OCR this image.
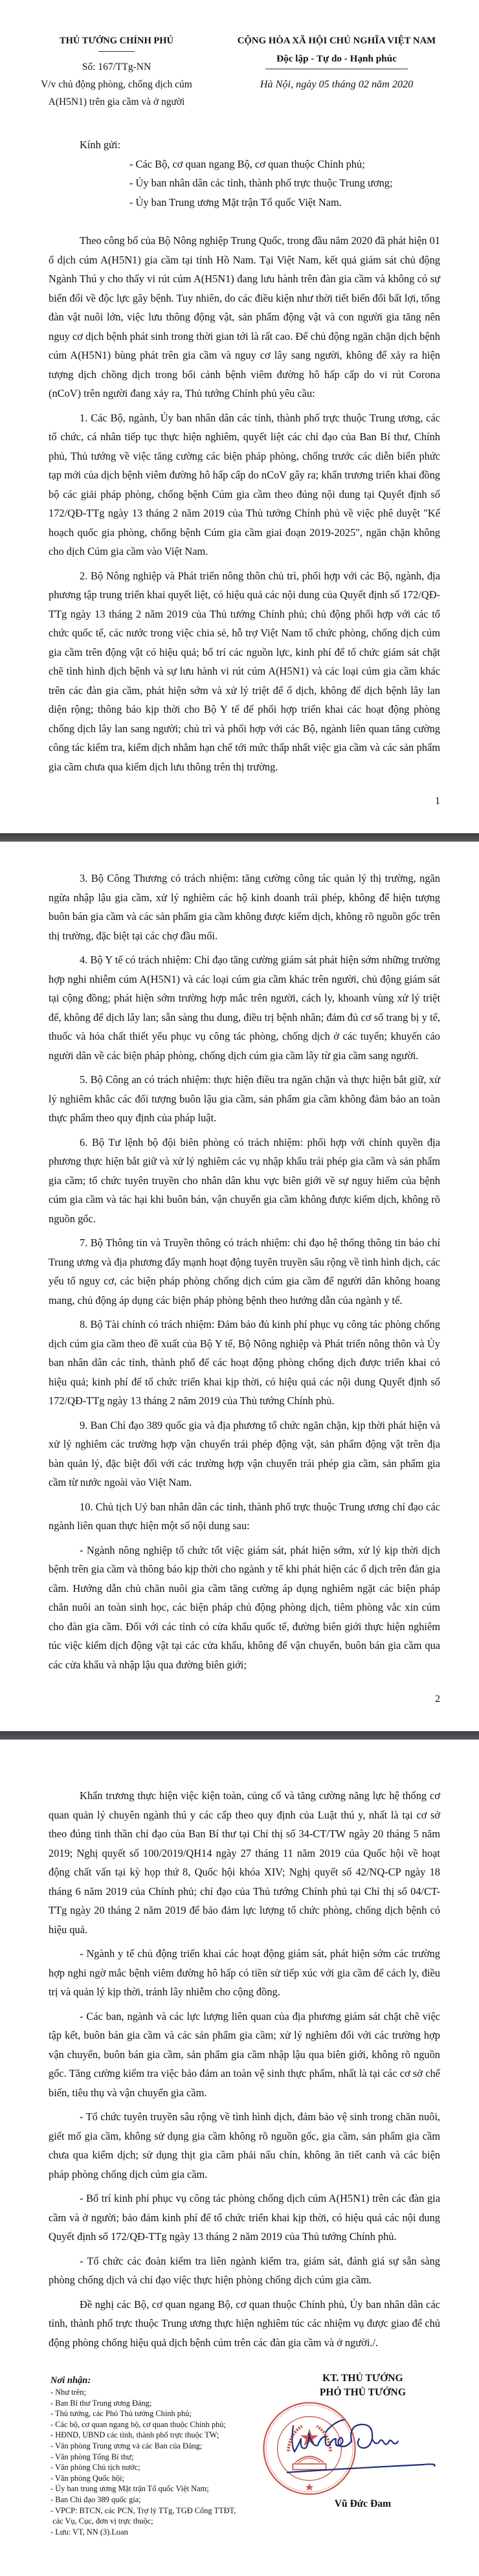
THỦ TƯỚNG CHÍNH PHỦ
Số: 167/TTg-NN
V/v chủ động phòng, chống dịch cúm
A(H5N1) trên gia cầm và ở người
CỘNG HÒA XÃ HỘI CHỦ NGHĨA VIỆT NAM
Độc lập - Tự do - Hạnh phúc
Hà Nội, ngày 05 tháng 02 năm 2020
Kính gửi:
- Các Bộ, cơ quan ngang Bộ, cơ quan thuộc Chính phủ;
- Ủy ban nhân dân các tỉnh, thành phố trực thuộc Trung ương;
- Ủy ban Trung ương Mặt trận Tổ quốc Việt Nam.

Theo công bố của Bộ Nông nghiệp Trung Quốc, trong đầu năm 2020 đã phát hiện 01 ổ dịch cúm A(H5N1) gia cầm tại tỉnh Hồ Nam. Tại Việt Nam, kết quả giám sát chủ động Ngành Thú y cho thấy vi rút cúm A(H5N1) đang lưu hành trên đàn gia cầm và không có sự biến đổi về độc lực gây bệnh. Tuy nhiên, do các điều kiện như thời tiết biến đổi bất lợi, tổng đàn vật nuôi lớn, việc lưu thông động vật, sản phẩm động vật và con người gia tăng nên nguy cơ dịch bệnh phát sinh trong thời gian tới là rất cao. Để chủ động ngăn chặn dịch bệnh cúm A(H5N1) bùng phát trên gia cầm và nguy cơ lây sang người, không để xảy ra hiện tượng dịch chồng dịch trong bối cảnh bệnh viêm đường hô hấp cấp do vi rút Corona (nCoV) trên người đang xảy ra, Thủ tướng Chính phủ yêu cầu:

1. Các Bộ, ngành, Ủy ban nhân dân các tỉnh, thành phố trực thuộc Trung ương, các tổ chức, cá nhân tiếp tục thực hiện nghiêm, quyết liệt các chỉ đạo của Ban Bí thư, Chính phủ, Thủ tướng về việc tăng cường các biện pháp phòng, chống trước các diễn biến phức tạp mới của dịch bệnh viêm đường hô hấp cấp do nCoV gây ra; khẩn trương triển khai đồng bộ các giải pháp phòng, chống bệnh Cúm gia cầm theo đúng nội dung tại Quyết định số 172/QĐ-TTg ngày 13 tháng 2 năm 2019 của Thủ tướng Chính phủ về việc phê duyệt "Kế hoạch quốc gia phòng, chống bệnh Cúm gia cầm giai đoạn 2019-2025", ngăn chặn không cho dịch Cúm gia cầm vào Việt Nam.

2. Bộ Nông nghiệp và Phát triển nông thôn chủ trì, phối hợp với các Bộ, ngành, địa phương tập trung triển khai quyết liệt, có hiệu quả các nội dung của Quyết định số 172/QĐ-TTg ngày 13 tháng 2 năm 2019 của Thủ tướng Chính phủ; chủ động phối hợp với các tổ chức quốc tế, các nước trong việc chia sẻ, hỗ trợ Việt Nam tổ chức phòng, chống dịch cúm gia cầm trên động vật có hiệu quả; bố trí các nguồn lực, kinh phí để tổ chức giám sát chặt chẽ tình hình dịch bệnh và sự lưu hành vi rút cúm A(H5N1) và các loại cúm gia cầm khác trên các đàn gia cầm, phát hiện sớm và xử lý triệt để ổ dịch, không để dịch bệnh lây lan diện rộng; thông báo kịp thời cho Bộ Y tế để phối hợp triển khai các hoạt động phòng chống dịch lây lan sang người; chủ trì và phối hợp với các Bộ, ngành liên quan tăng cường công tác kiểm tra, kiểm dịch nhằm hạn chế tới mức thấp nhất việc gia cầm và các sản phẩm gia cầm chưa qua kiểm dịch lưu thông trên thị trường.

1

3. Bộ Công Thương có trách nhiệm: tăng cường công tác quản lý thị trường, ngăn ngừa nhập lậu gia cầm, xử lý nghiêm các hộ kinh doanh trái phép, không để hiện tượng buôn bán gia cầm và các sản phẩm gia cầm không được kiểm dịch, không rõ nguồn gốc trên thị trường, đặc biệt tại các chợ đầu mối.

4. Bộ Y tế có trách nhiệm: Chỉ đạo tăng cường giám sát phát hiện sớm những trường hợp nghi nhiễm cúm A(H5N1) và các loại cúm gia cầm khác trên người, chủ động giám sát tại cộng đồng; phát hiện sớm trường hợp mắc trên người, cách ly, khoanh vùng xử lý triệt để, không để dịch lây lan; sẵn sàng thu dung, điều trị bệnh nhân; đảm đủ cơ số trang bị y tế, thuốc và hóa chất thiết yếu phục vụ công tác phòng, chống dịch ở các tuyến; khuyến cáo người dân về các biện pháp phòng, chống dịch cúm gia cầm lây từ gia cầm sang người.

5. Bộ Công an có trách nhiệm: thực hiện điều tra ngăn chặn và thực hiện bắt giữ, xử lý nghiêm khắc các đối tượng buôn lậu gia cầm, sản phẩm gia cầm không đảm bảo an toàn thực phẩm theo quy định của pháp luật.

6. Bộ Tư lệnh bộ đội biên phòng có trách nhiệm: phối hợp với chính quyền địa phương thực hiện bắt giữ và xử lý nghiêm các vụ nhập khẩu trái phép gia cầm và sản phẩm gia cầm; tổ chức tuyên truyền cho nhân dân khu vực biên giới về sự nguy hiểm của bệnh cúm gia cầm và tác hại khi buôn bán, vận chuyển gia cầm không được kiểm dịch, không rõ nguồn gốc.

7. Bộ Thông tin và Truyền thông có trách nhiệm: chỉ đạo hệ thống thông tin báo chí Trung ương và địa phương đẩy mạnh hoạt động tuyên truyền sâu rộng về tình hình dịch, các yếu tố nguy cơ, các biện pháp phòng chống dịch cúm gia cầm để người dân không hoang mang, chủ động áp dụng các biện pháp phòng bệnh theo hướng dẫn của ngành y tế.

8. Bộ Tài chính có trách nhiệm: Đảm bảo đủ kinh phí phục vụ công tác phòng chống dịch cúm gia cầm theo đề xuất của Bộ Y tế, Bộ Nông nghiệp và Phát triển nông thôn và Ủy ban nhân dân các tỉnh, thành phố để các hoạt động phòng chống dịch được triển khai có hiệu quả; kinh phí để tổ chức triển khai kịp thời, có hiệu quả các nội dung Quyết định số 172/QĐ-TTg ngày 13 tháng 2 năm 2019 của Thủ tướng Chính phủ.

9. Ban Chỉ đạo 389 quốc gia và địa phương tổ chức ngăn chặn, kịp thời phát hiện và xử lý nghiêm các trường hợp vận chuyển trái phép động vật, sản phẩm động vật trên địa bàn quản lý, đặc biệt đối với các trường hợp vận chuyển trái phép gia cầm, sản phẩm gia cầm từ nước ngoài vào Việt Nam.

10. Chủ tịch Uỷ ban nhân dân các tỉnh, thành phố trực thuộc Trung ương chỉ đạo các ngành liên quan thực hiện một số nội dung sau:

- Ngành nông nghiệp tổ chức tốt việc giám sát, phát hiện sớm, xử lý kịp thời dịch bệnh trên gia cầm và thông báo kịp thời cho ngành y tế khi phát hiện các ổ dịch trên đàn gia cầm. Hướng dẫn chủ chăn nuôi gia cầm tăng cường áp dụng nghiêm ngặt các biện pháp chăn nuôi an toàn sinh học, các biện pháp chủ động phòng dịch, tiêm phòng vắc xin cúm cho đàn gia cầm. Đối với các tỉnh có cửa khẩu quốc tế, đường biên giới thực hiện nghiêm túc việc kiểm dịch động vật tại các cửa khẩu, không để vận chuyển, buôn bán gia cầm qua các cửa khẩu và nhập lậu qua đường biên giới;

2

Khẩn trương thực hiện việc kiện toàn, củng cố và tăng cường năng lực hệ thống cơ quan quản lý chuyên ngành thú y các cấp theo quy định của Luật thú y, nhất là tại cơ sở theo đúng tinh thần chỉ đạo của Ban Bí thư tại Chỉ thị số 34-CT/TW ngày 20 tháng 5 năm 2019; Nghị quyết số 100/2019/QH14 ngày 27 tháng 11 năm 2019 của Quốc hội về hoạt động chất vấn tại kỳ họp thứ 8, Quốc hội khóa XIV; Nghị quyết số 42/NQ-CP ngày 18 tháng 6 năm 2019 của Chính phủ; chỉ đạo của Thủ tướng Chính phủ tại Chỉ thị số 04/CT-TTg ngày 20 tháng 2 năm 2019 để bảo đảm lực lượng tổ chức phòng, chống dịch bệnh có hiệu quả.

- Ngành y tế chủ động triển khai các hoạt động giám sát, phát hiện sớm các trường hợp nghi ngờ mắc bệnh viêm đường hô hấp có tiền sử tiếp xúc với gia cầm để cách ly, điều trị và quản lý kịp thời, tránh lây nhiễm cho cộng đồng.

- Các ban, ngành và các lực lượng liên quan của địa phương giám sát chặt chẽ việc tập kết, buôn bán gia cầm và các sản phẩm gia cầm; xử lý nghiêm đối với các trường hợp vận chuyển, buôn bán gia cầm, sản phẩm gia cầm nhập lậu qua biên giới, không rõ nguồn gốc. Tăng cường kiểm tra việc bảo đảm an toàn vệ sinh thực phẩm, nhất là tại các cơ sở chế biến, tiêu thụ và vận chuyển gia cầm.

- Tổ chức tuyên truyền sâu rộng về tình hình dịch, đảm bảo vệ sinh trong chăn nuôi, giết mổ gia cầm, không sử dụng gia cầm không rõ nguồn gốc, gia cầm, sản phẩm gia cầm chưa qua kiểm dịch; sử dụng thịt gia cầm phải nấu chín, không ăn tiết canh và các biện pháp phòng chống dịch cúm gia cầm.

- Bố trí kinh phí phục vụ công tác phòng chống dịch cúm A(H5N1) trên các đàn gia cầm và ở người; bảo đảm kinh phí để tổ chức triển khai kịp thời, có hiệu quả các nội dung Quyết định số 172/QĐ-TTg ngày 13 tháng 2 năm 2019 của Thủ tướng Chính phủ.

- Tổ chức các đoàn kiểm tra liên ngành kiểm tra, giám sát, đánh giá sự sẵn sàng phòng chống dịch và chỉ đạo việc thực hiện phòng chống dịch cúm gia cầm.

Đề nghị các Bộ, cơ quan ngang Bộ, cơ quan thuộc Chính phủ, Ủy ban nhân dân các tỉnh, thành phố trực thuộc Trung ương thực hiện nghiêm túc các nhiệm vụ được giao để chủ động phòng chống hiệu quả dịch bệnh cúm trên các đàn gia cầm và ở người./.

Nơi nhận:
- Như trên;
- Ban Bí thư Trung ương Đảng;
- Thủ tướng, các Phó Thủ tướng Chính phủ;
- Các bộ, cơ quan ngang bộ, cơ quan thuộc Chính phủ;
- HĐND, UBND các tỉnh, thành phố trực thuộc TW;
- Văn phòng Trung ương và các Ban của Đảng;
- Văn phòng Tổng Bí thư;
- Văn phòng Chủ tịch nước;
- Văn phòng Quốc hội;
- Ủy ban trung ương Mặt trận Tổ quốc Việt Nam;
- Ban Chỉ đạo 389 quốc gia;
- VPCP: BTCN, các PCN, Trợ lý TTg, TGĐ Cổng TTĐT,
các Vụ, Cục, đơn vị trực thuộc;
- Lưu: VT, NN (3).Loan
KT. THỦ TƯỚNG
PHÓ THỦ TƯỚNG
Vũ Đức Đam
